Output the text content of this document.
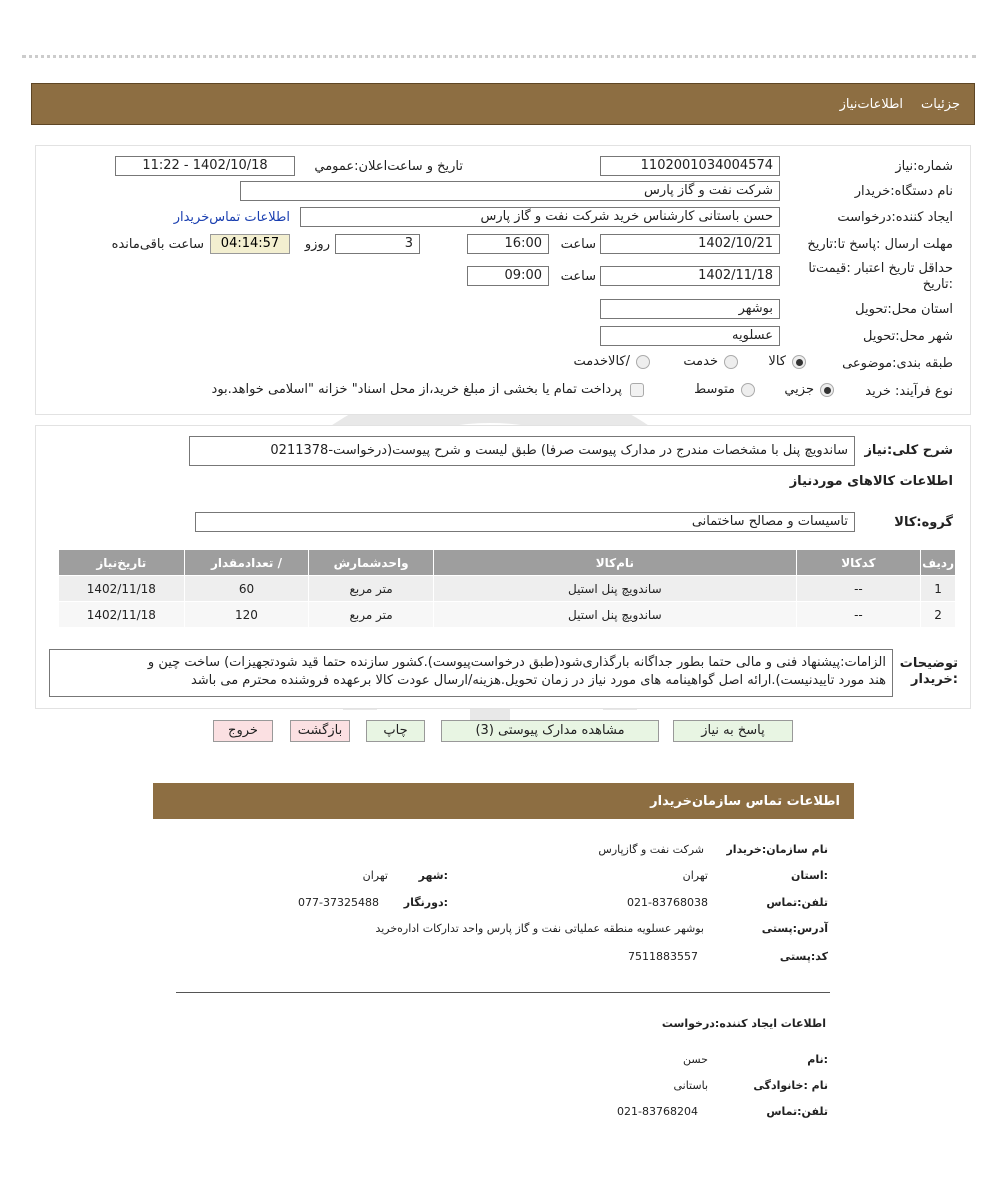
جزئیات
اطلاعات‌نیاز
شماره:نیاز
1102001034004574
تاریخ و ساعت‌اعلان:عمومي
1402/10/18 - 11:22
نام دستگاه:خریدار
شرکت نفت و گاز پارس
ایجاد کننده:درخواست
حسن باستانی کارشناس خرید شرکت نفت و گاز پارس
اطلاعات تماس‌خریدار
مهلت ارسال :پاسخ تا:تاریخ
1402/10/21
ساعت
16:00
3
روزو
04:14:57
ساعت باقی‌مانده
حداقل تاریخ اعتبار :قیمت‌تا :تاریخ
1402/11/18
ساعت
09:00
استان محل:تحویل
بوشهر
شهر محل:تحویل
عسلویه
طبقه بندی:موضوعی
کالا
خدمت
/کالاخدمت
نوع فرآیند: خرید
جزیي
متوسط
پرداخت تمام یا بخشی از مبلغ خرید،از محل اسناد" خزانه "اسلامی خواهد.بود
شرح کلی:نیاز
ساندویچ پنل با مشخصات مندرج در مدارک پیوست صرفا) طبق لیست و شرح پیوست(درخواست-0211378
اطلاعات کالاهای مورد‌نیاز
گروه:کالا
تاسیسات و مصالح ساختمانی
ردیف	کدکالا	نام‌کالا	واحدشمارش	/ تعدادمقدار	تاریخ‌نیاز
1	--	ساندویچ پنل استیل	متر مربع	60	1402/11/18
2	--	ساندویچ پنل استیل	متر مربع	120	1402/11/18
توضیحات :خریدار
الزامات:پیشنهاد فنی و مالی حتما بطور جداگانه بارگذاری‌شود(طبق درخواست‌پیوست).کشور سازنده حتما قید شود‌تجهیزات) ساخت چین و
هند مورد تاییدنیست).ارائه اصل گواهینامه های مورد نیاز در زمان تحویل.هزینه/ارسال عودت کالا برعهده فروشنده محترم می باشد
پاسخ به نیاز
مشاهده مدارک پیوستی (3)
چاپ
بازگشت
خروج
اطلاعات تماس سازمان‌خریدار
نام سازمان:خریدار
شرکت نفت و گازپارس
:استان
تهران
:شهر
تهران
تلفن:تماس
021-83768038
:دورنگار
077-37325488
آدرس:پستی
بوشهر عسلویه منطقه عملیاتی نفت و گاز پارس واحد تدارکات اداره‌خرید
کد:پستی
7511883557
اطلاعات ایجاد کننده:درخواست
:نام
حسن
نام :خانوادگی
باستانی
تلفن:تماس
021-83768204
